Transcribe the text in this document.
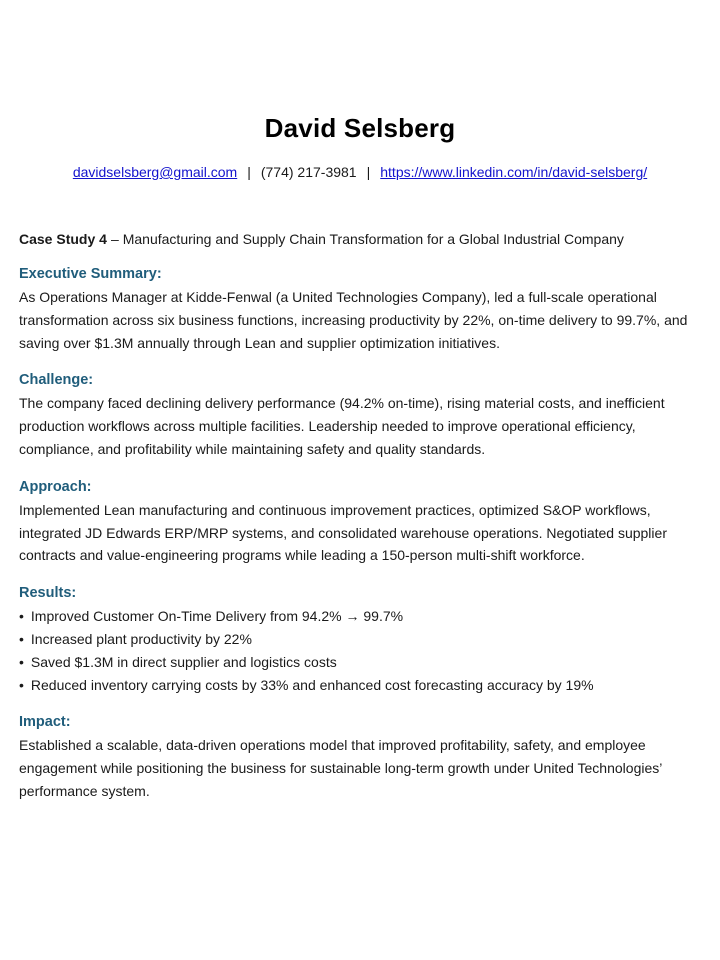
David Selsberg
davidselsberg@gmail.com | (774) 217-3981 | https://www.linkedin.com/in/david-selsberg/
Case Study 4 – Manufacturing and Supply Chain Transformation for a Global Industrial Company
Executive Summary:

As Operations Manager at Kidde-Fenwal (a United Technologies Company), led a full-scale operational transformation across six business functions, increasing productivity by 22%, on-time delivery to 99.7%, and saving over $1.3M annually through Lean and supplier optimization initiatives.

Challenge:

The company faced declining delivery performance (94.2% on-time), rising material costs, and inefficient production workflows across multiple facilities. Leadership needed to improve operational efficiency, compliance, and profitability while maintaining safety and quality standards.

Approach:

Implemented Lean manufacturing and continuous improvement practices, optimized S&OP workflows, integrated JD Edwards ERP/MRP systems, and consolidated warehouse operations. Negotiated supplier contracts and value-engineering programs while leading a 150-person multi-shift workforce.

Results:
• Improved Customer On-Time Delivery from 94.2% → 99.7%
• Increased plant productivity by 22%
• Saved $1.3M in direct supplier and logistics costs
• Reduced inventory carrying costs by 33% and enhanced cost forecasting accuracy by 19%
Impact:

Established a scalable, data-driven operations model that improved profitability, safety, and employee engagement while positioning the business for sustainable long-term growth under United Technologies’ performance system.
